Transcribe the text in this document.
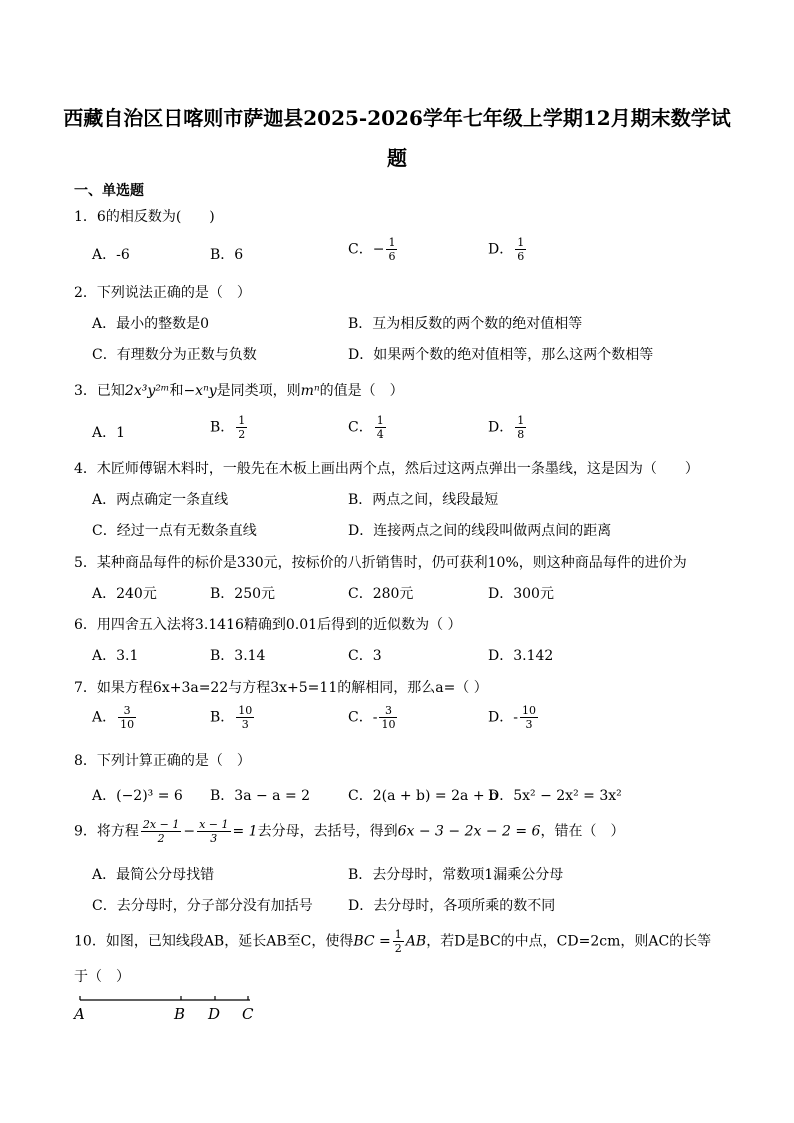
西藏自治区日喀则市萨迦县2025-2026学年七年级上学期12月期末数学试
题
一、单选题
1．6的相反数为(　　)
A．-6	B．6	C．− $\frac{1}{6}$	D． $\frac{1}{6}$
2．下列说法正确的是（　）
A．最小的整数是0	B．互为相反数的两个数的绝对值相等
C．有理数分为正数与负数	D．如果两个数的绝对值相等，那么这两个数相等
3．已知2x³y²ᵐ和−xⁿy是同类项，则mⁿ的值是（　）
A．1	B． $\frac{1}{2}$	C． $\frac{1}{4}$	D． $\frac{1}{8}$
4．木匠师傅锯木料时，一般先在木板上画出两个点，然后过这两点弹出一条墨线，这是因为（　　）
A．两点确定一条直线	B．两点之间，线段最短
C．经过一点有无数条直线	D．连接两点之间的线段叫做两点间的距离
5．某种商品每件的标价是330元，按标价的八折销售时，仍可获利10%，则这种商品每件的进价为
A．240元	B．250元	C．280元	D．300元
6．用四舍五入法将3.1416精确到0.01后得到的近似数为（ ）
A．3.1	B．3.14	C．3	D．3.142
7．如果方程6x+3a=22与方程3x+5=11的解相同，那么a=（ ）
A． $\frac{3}{10}$	B． $\frac{10}{3}$	C．- $\frac{3}{10}$	D．- $\frac{10}{3}$
8．下列计算正确的是（　）
A．(−2)³ = 6 B．3a − a = 2	C．2(a + b) = 2a + b
D．5x² − 2x² = 3x²
9．将方程 $\frac{2x - 1}{2} - \frac{x - 1}{3} = 1$去分母，去括号，得到6x − 3 − 2x − 2 = 6，错在（　）
A．最简公分母找错	B．去分母时，常数项1漏乘公分母
C．去分母时，分子部分没有加括号	D．去分母时，各项所乘的数不同
10．如图，已知线段AB，延长AB至C，使得BC = $\frac{1}{2}$ AB，若D是BC的中点，CD=2cm，则AC的长等
于（　）
A	B D C
